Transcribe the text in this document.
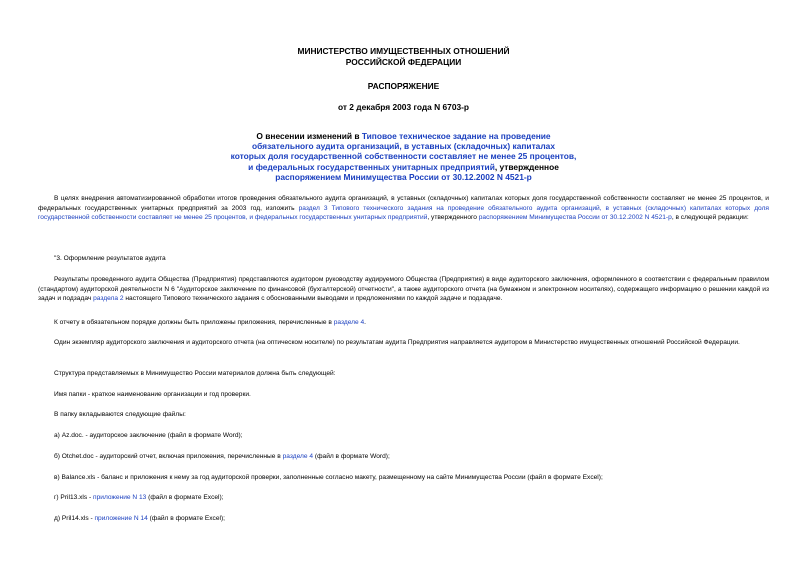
МИНИСТЕРСТВО ИМУЩЕСТВЕННЫХ ОТНОШЕНИЙ
РОССИЙСКОЙ ФЕДЕРАЦИИ
РАСПОРЯЖЕНИЕ
от 2 декабря 2003 года N 6703-р
О внесении изменений в Типовое техническое задание на проведение
обязательного аудита организаций, в уставных (складочных) капиталах
которых доля государственной собственности составляет не менее 25 процентов,
и федеральных государственных унитарных предприятий, утвержденное
распоряжением Минимущества России от 30.12.2002 N 4521-р
В целях внедрения автоматизированной обработки итогов проведения обязательного аудита организаций, в уставных (складочных) капиталах которых доля государственной собственности составляет не менее 25 процентов, и федеральных государственных унитарных предприятий за 2003 год, изложить раздел 3 Типового технического задания на проведение обязательного аудита организаций, в уставных (складочных) капиталах которых доля государственной собственности составляет не менее 25 процентов, и федеральных государственных унитарных предприятий, утвержденного распоряжением Минимущества России от 30.12.2002 N 4521-р, в следующей редакции:
"3. Оформление результатов аудита
Результаты проведенного аудита Общества (Предприятия) представляются аудитором руководству аудируемого Общества (Предприятия) в виде аудиторского заключения, оформленного в соответствии с федеральным правилом (стандартом) аудиторской деятельности N 6 "Аудиторское заключение по финансовой (бухгалтерской) отчетности", а также аудиторского отчета (на бумажном и электронном носителях), содержащего информацию о решении каждой из задач и подзадач раздела 2 настоящего Типового технического задания с обоснованными выводами и предложениями по каждой задаче и подзадаче.
К отчету в обязательном порядке должны быть приложены приложения, перечисленные в разделе 4.
Один экземпляр аудиторского заключения и аудиторского отчета (на оптическом носителе) по результатам аудита Предприятия направляется аудитором в Министерство имущественных отношений Российской Федерации.
Структура представляемых в Минимущество России материалов должна быть следующей:
Имя папки - краткое наименование организации и год проверки.
В папку вкладываются следующие файлы:
а) Az.doc. - аудиторское заключение (файл в формате Word);
б) Otchet.doc - аудиторский отчет, включая приложения, перечисленные в разделе 4 (файл в формате Word);
в) Balance.xls - баланс и приложения к нему за год аудиторской проверки, заполненные согласно макету, размещенному на сайте Минимущества России (файл в формате Excel);
г) Pril13.xls - приложение N 13 (файл в формате Excel);
д) Pril14.xls - приложение N 14 (файл в формате Excel);
